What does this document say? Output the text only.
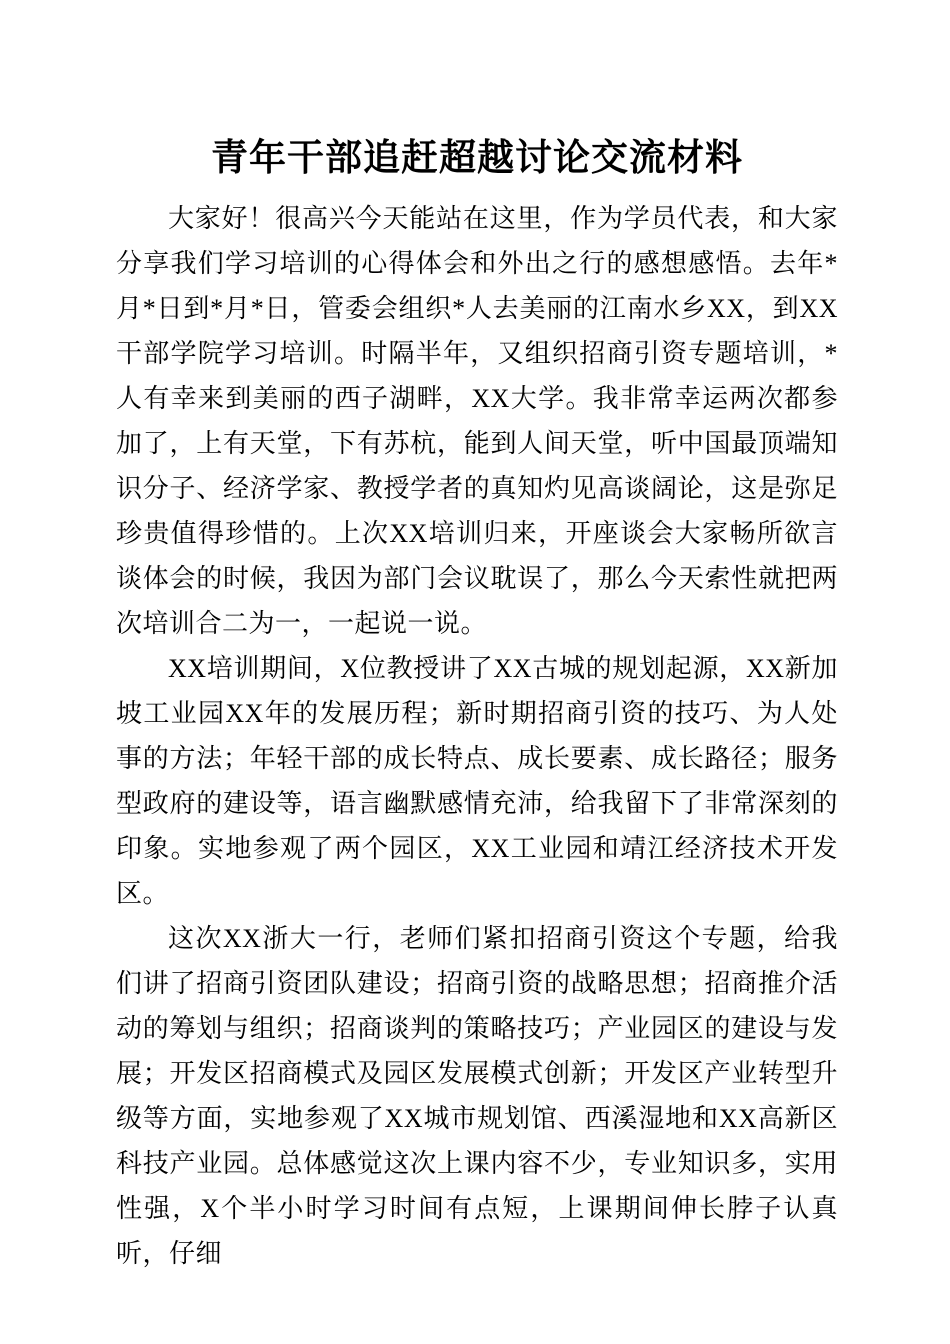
青年干部追赶超越讨论交流材料

大家好！很高兴今天能站在这里，作为学员代表，和大家分享我们学习培训的心得体会和外出之行的感想感悟。去年*月*日到*月*日，管委会组织*人去美丽的江南水乡XX，到XX干部学院学习培训。时隔半年，又组织招商引资专题培训，*人有幸来到美丽的西子湖畔，XX大学。我非常幸运两次都参加了，上有天堂，下有苏杭，能到人间天堂，听中国最顶端知识分子、经济学家、教授学者的真知灼见高谈阔论，这是弥足珍贵值得珍惜的。上次XX培训归来，开座谈会大家畅所欲言谈体会的时候，我因为部门会议耽误了，那么今天索性就把两次培训合二为一，一起说一说。

XX培训期间，X位教授讲了XX古城的规划起源，XX新加坡工业园XX年的发展历程；新时期招商引资的技巧、为人处事的方法；年轻干部的成长特点、成长要素、成长路径；服务型政府的建设等，语言幽默感情充沛，给我留下了非常深刻的印象。实地参观了两个园区，XX工业园和靖江经济技术开发区。

这次XX浙大一行，老师们紧扣招商引资这个专题，给我们讲了招商引资团队建设；招商引资的战略思想；招商推介活动的筹划与组织；招商谈判的策略技巧；产业园区的建设与发展；开发区招商模式及园区发展模式创新；开发区产业转型升级等方面，实地参观了XX城市规划馆、西溪湿地和XX高新区科技产业园。总体感觉这次上课内容不少，专业知识多，实用性强，X个半小时学习时间有点短，上课期间伸长脖子认真听，仔细
